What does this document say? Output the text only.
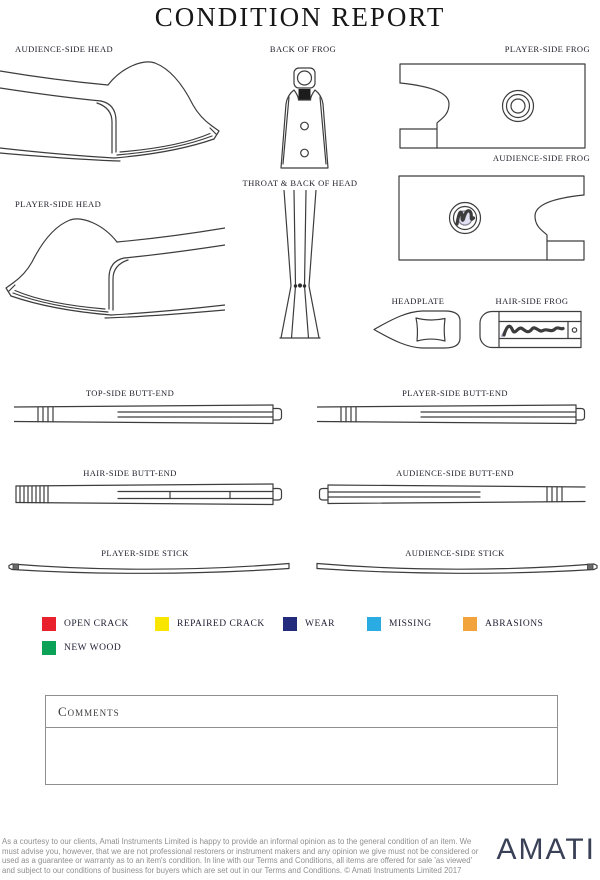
CONDITION REPORT
AUDIENCE-SIDE HEAD	BACK OF FROG	PLAYER-SIDE FROG
AUDIENCE-SIDE FROG
PLAYER-SIDE HEAD
THROAT & BACK OF HEAD
HEADPLATE	HAIR-SIDE FROG
TOP-SIDE BUTT-END	PLAYER-SIDE BUTT-END
HAIR-SIDE BUTT-END	AUDIENCE-SIDE BUTT-END
PLAYER-SIDE STICK	AUDIENCE-SIDE STICK
OPEN CRACK	REPAIRED CRACK	WEAR	MISSING	ABRASIONS
NEW WOOD
Comments
As a courtesy to our clients, Amati Instruments Limited is happy to provide an informal opinion as to the general condition of an item. We must advise you, however, that we are not professional restorers or instrument makers and any opinion we give must not be considered or used as a guarantee or warranty as to an item's condition. In line with our Terms and Conditions, all items are offered for sale 'as viewed' and subject to our conditions of business for buyers which are set out in our Terms and Conditions. © Amati Instruments Limited 2017
AMATI
